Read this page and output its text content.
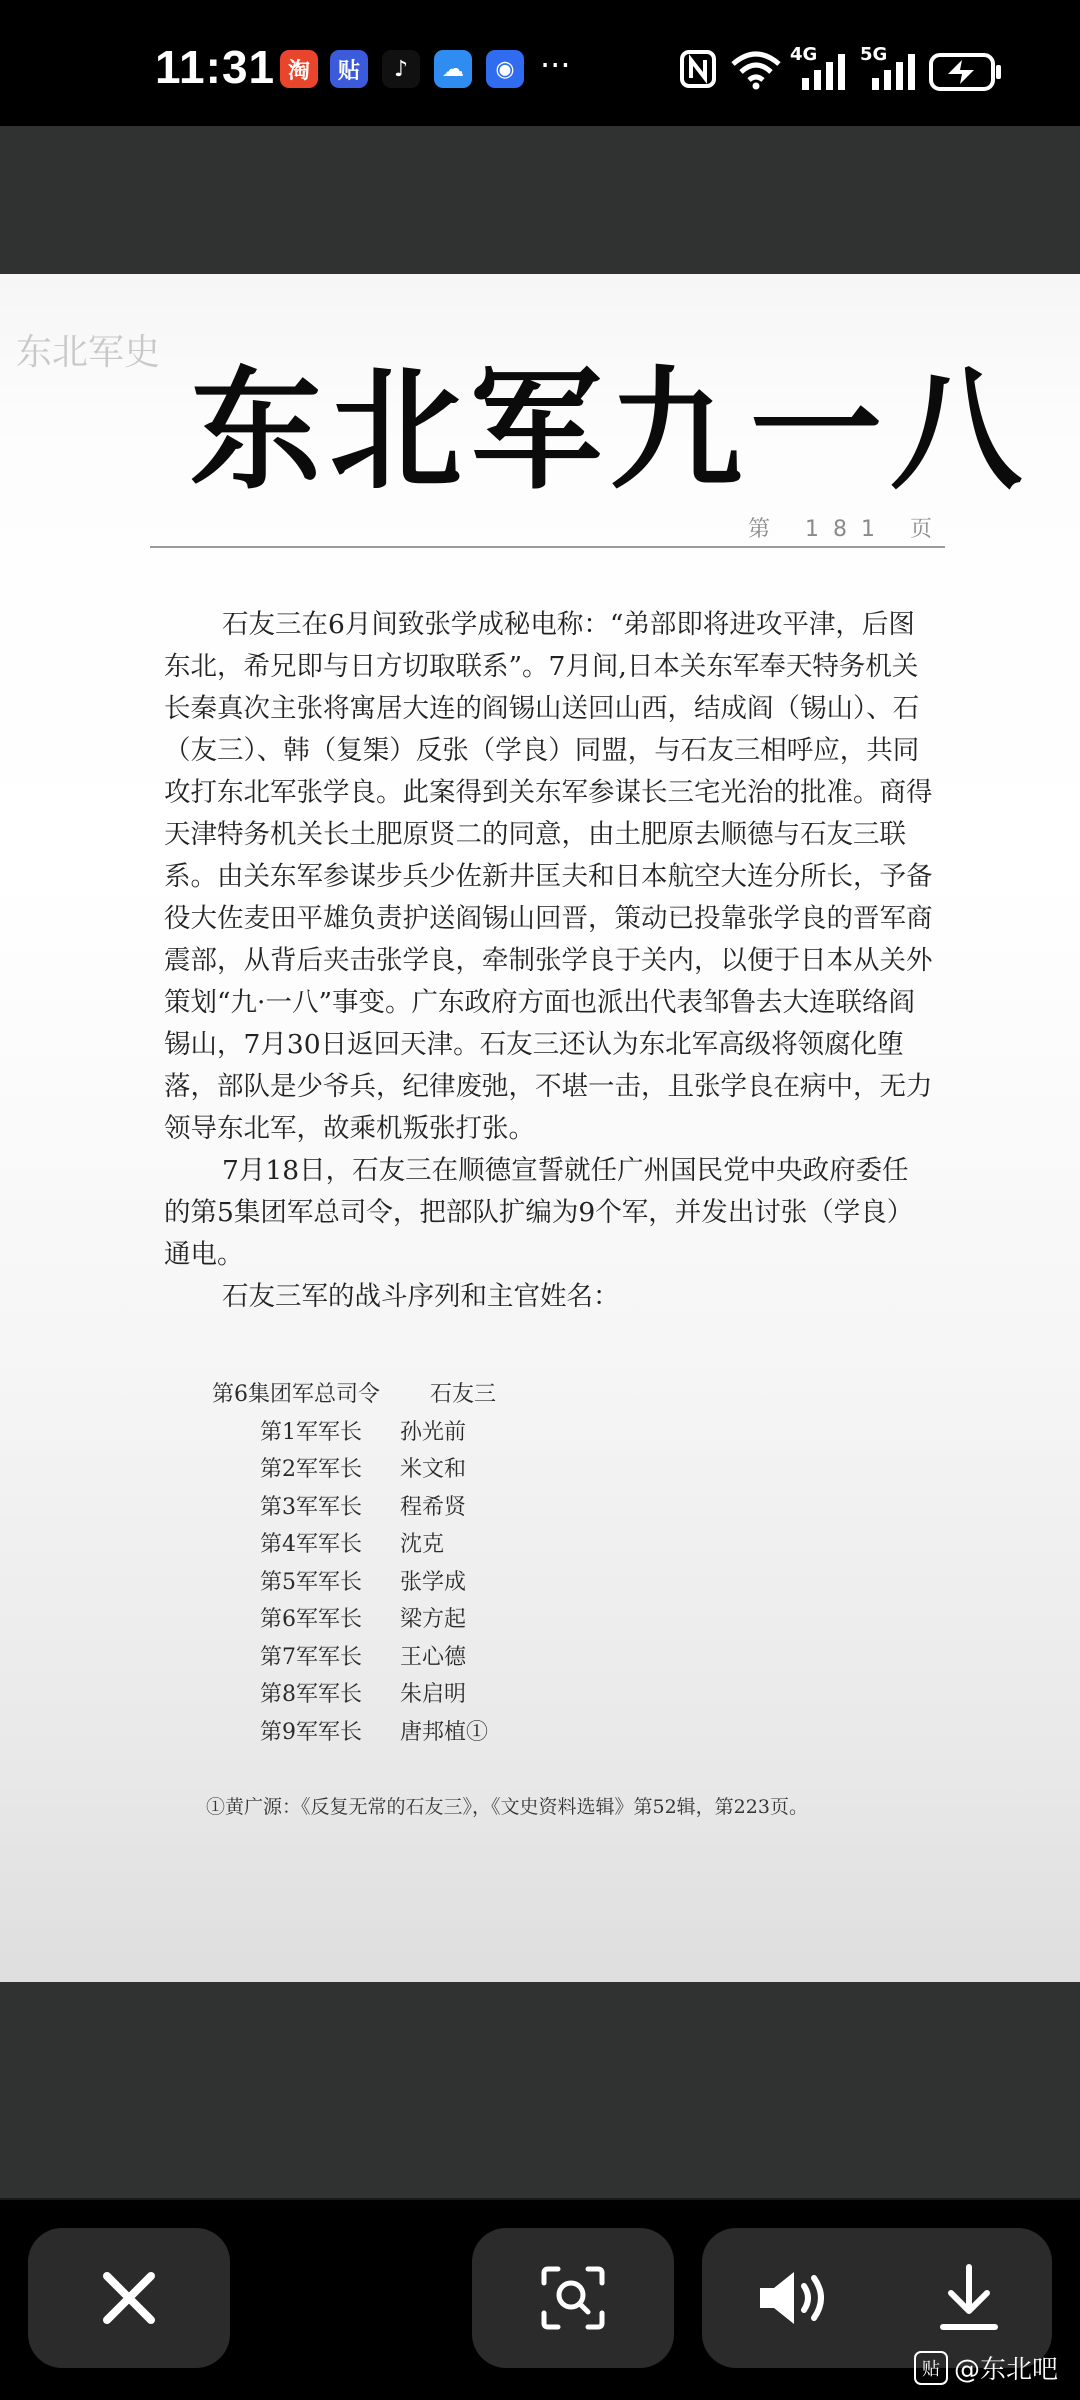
11:31 淘	贴	♪	☁	◉ ···	4G 5G
东北军史
东北军九一八
第 181 页

石友三在6月间致张学成秘电称：“弟部即将进攻平津，后图东北，希兄即与日方切取联系”。7月间,日本关东军奉天特务机关长秦真次主张将寓居大连的阎锡山送回山西，结成阎（锡山）、石（友三）、韩（复榘）反张（学良）同盟，与石友三相呼应，共同攻打东北军张学良。此案得到关东军参谋长三宅光治的批准。商得天津特务机关长土肥原贤二的同意，由土肥原去顺德与石友三联系。由关东军参谋步兵少佐新井匡夫和日本航空大连分所长，予备役大佐麦田平雄负责护送阎锡山回晋，策动已投靠张学良的晋军商震部，从背后夹击张学良，牵制张学良于关内，以便于日本从关外策划“九·一八”事变。广东政府方面也派出代表邹鲁去大连联络阎锡山，7月30日返回天津。石友三还认为东北军高级将领腐化堕落，部队是少爷兵，纪律废弛，不堪一击，且张学良在病中，无力领导东北军，故乘机叛张打张。

7月18日，石友三在顺德宣誓就任广州国民党中央政府委任的第5集团军总司令，把部队扩编为9个军，并发出讨张（学良）通电。

石友三军的战斗序列和主官姓名：

第6集团军总司令 石友三
第1军军长 孙光前
第2军军长 米文和
第3军军长 程希贤
第4军军长 沈克
第5军军长 张学成
第6军军长 梁方起
第7军军长 王心德
第8军军长 朱启明
第9军军长 唐邦植①
①黄广源：《反复无常的石友三》，《文史资料选辑》第52辑，第223页。
贴 @东北吧
